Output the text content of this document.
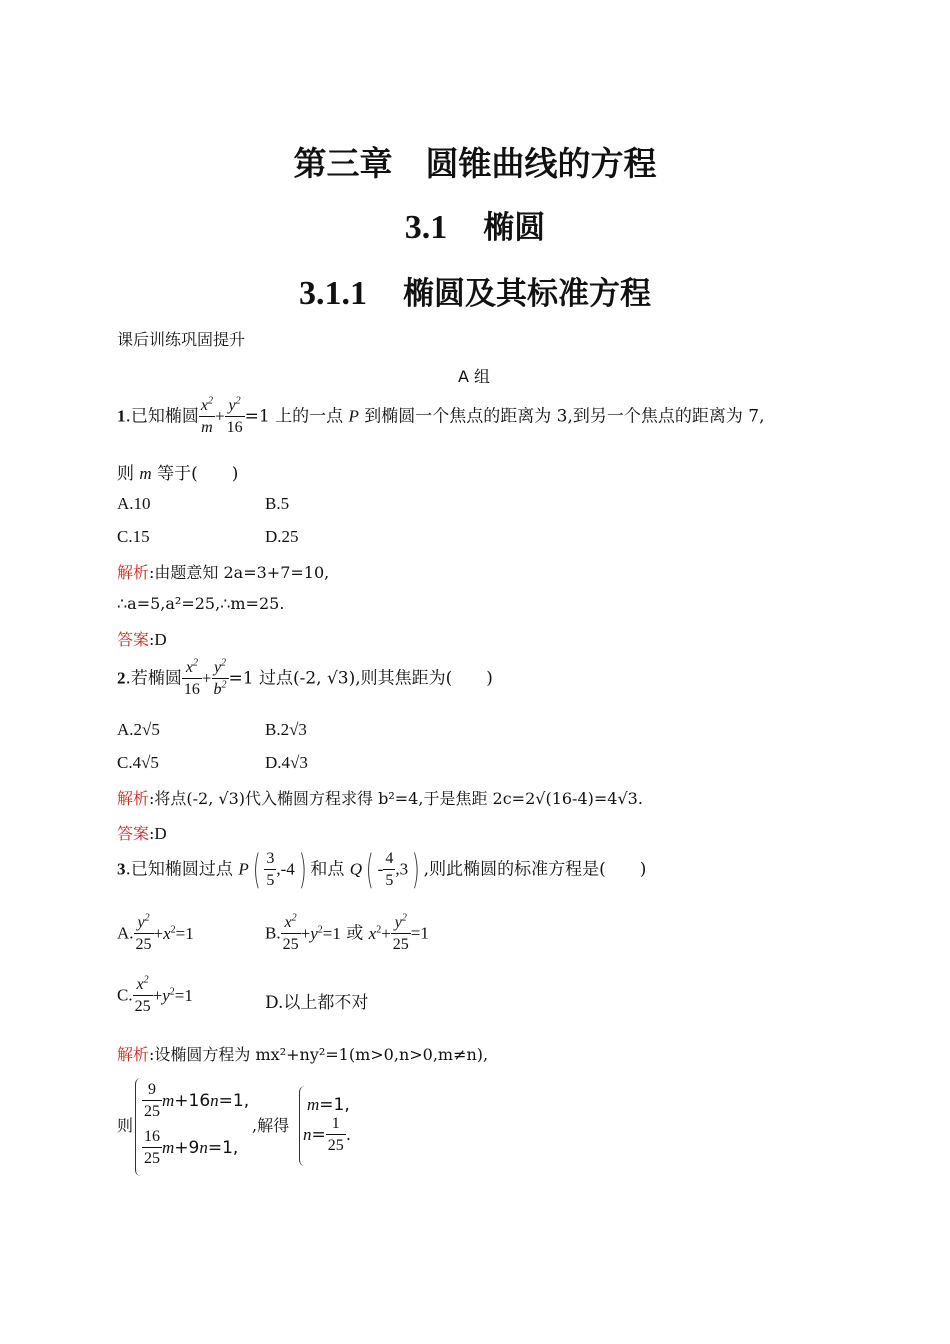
第三章　圆锥曲线的方程
3.1 椭圆
3.1.1 椭圆及其标准方程
课后训练巩固提升
A 组
1.已知椭圆 $\frac{x^2}{m} + \frac{y^2}{16} =1$ 上的一点 P 到椭圆一个焦点的距离为 3,到另一个焦点的距离为 7,
则 m 等于(　　)
A.10	B.5
C.15	D.25
解析:由题意知 2a=3+7=10,
∴a=5,a²=25,∴m=25.
答案:D
2.若椭圆 $\frac{x^2}{16} + \frac{y^2}{b^2} =1$ 过点(-2, √3),则其焦距为(　　)
A.2√5	B.2√3
C.4√5	D.4√3
解析:将点(-2, √3)代入椭圆方程求得 b²=4,于是焦距 2c=2√(16-4)=4√3.
答案:D
3.已知椭圆过点 $P( \frac{3}{5} ,-4)$ 和点 $Q( - \frac{4}{5} ,3)$ ,则此椭圆的标准方程是(　　)
A. $\frac{y^2}{25} +x^2=1$	B. $\frac{x^2}{25} +y^2=1$ 或 $x^2+ \frac{y^2}{25} =1$
C. $\frac{x^2}{25} +y^2=1$	D.以上都不对
解析:设椭圆方程为 mx²+ny²=1(m>0,n>0,m≠n),
则
$\frac{9}{25} m+16n=1$,
$\frac{16}{25} m+9n=1$,
,解得
m=1,
$n= \frac{1}{25}$ .
